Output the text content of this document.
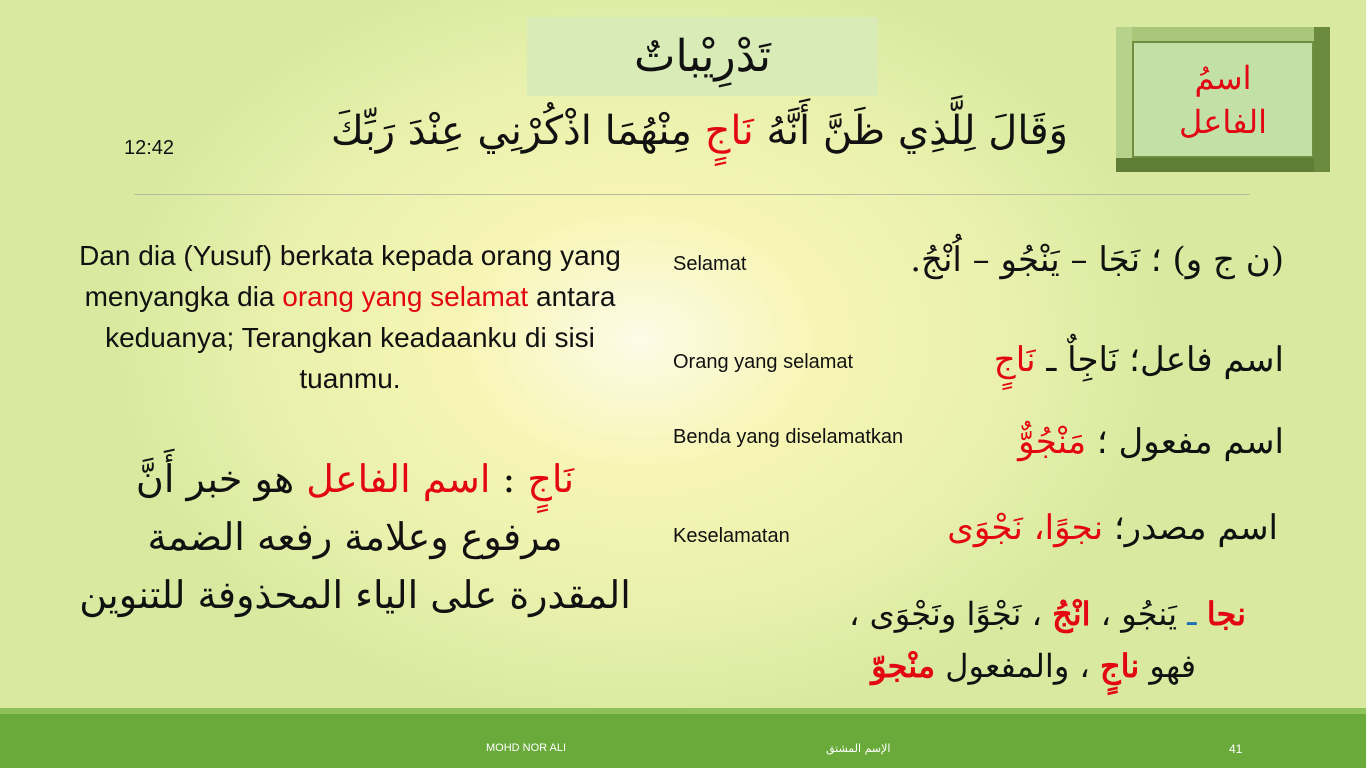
تَدْرِيْباتٌ	اسمُ
الفاعل
وَقَالَ لِلَّذِي ظَنَّ أَنَّهُ نَاجٍ مِنْهُمَا اذْكُرْنِي عِنْدَ رَبِّكَ
12:42
Dan dia (Yusuf) berkata kepada orang yang menyangka dia orang yang selamat antara keduanya; Terangkan keadaanku di sisi tuanmu.
نَاجٍ : اسم الفاعل هو خبر أَنَّ
مرفوع وعلامة رفعه الضمة
المقدرة على الياء المحذوفة للتنوين
Selamat	(ن ج و) ؛ نَجَا – يَنْجُو – اُنْجُ.
Orang yang selamat	اسم فاعل؛ نَاجِاٌ ـ نَاجٍ
Benda yang diselamatkan	اسم مفعول ؛ مَنْجُوٌّ
Keselamatan	اسم مصدر؛ نجوًا، نَجْوَى
نجا ـ يَنجُو ، انْجُ ، نَجْوًا ونَجْوَى ،
فهو ناجٍ ، والمفعول منْجوّ
MOHD NOR ALI	الإسم المشتق	41
